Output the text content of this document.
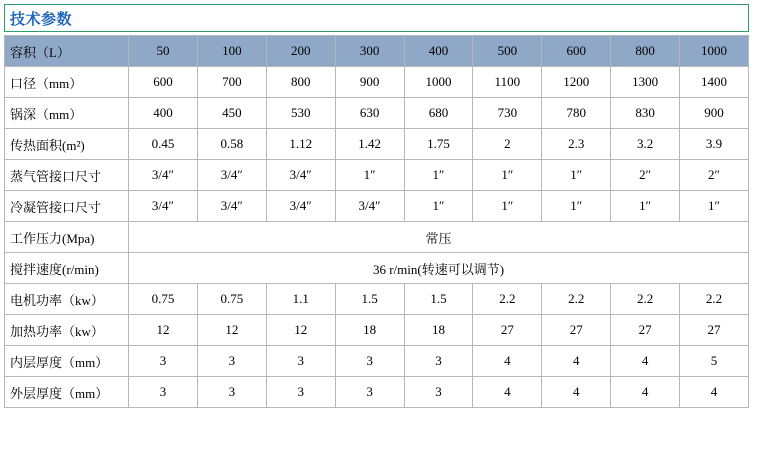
技术参数
容积（L）	50	100	200	300	400	500	600	800	1000
口径（mm）	600	700	800	900	1000	1100	1200	1300	1400
锅深（mm）	400	450	530	630	680	730	780	830	900
传热面积(m²)	0.45	0.58	1.12	1.42	1.75	2	2.3	3.2	3.9
蒸气管接口尺寸	3/4″	3/4″	3/4″	1″	1″	1″	1″	2″	2″
冷凝管接口尺寸	3/4″	3/4″	3/4″	3/4″	1″	1″	1″	1″	1″
工作压力(Mpa)	常压								
搅拌速度(r/min)	36 r/min(转速可以调节)								
电机功率（kw）	0.75	0.75	1.1	1.5	1.5	2.2	2.2	2.2	2.2
加热功率（kw）	12	12	12	18	18	27	27	27	27
内层厚度（mm）	3	3	3	3	3	4	4	4	5
外层厚度（mm）	3	3	3	3	3	4	4	4	4
